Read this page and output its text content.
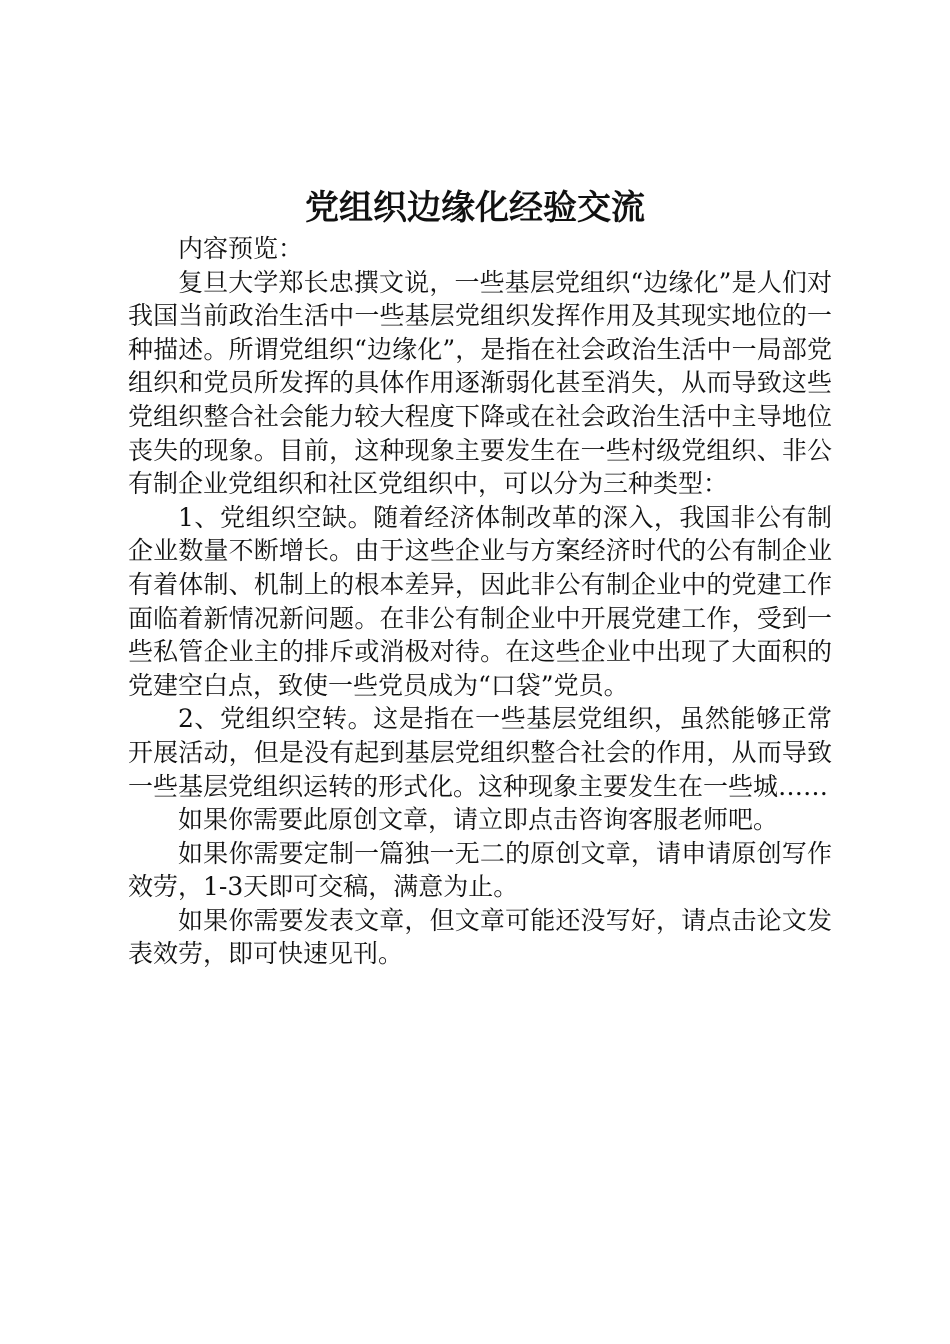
党组织边缘化经验交流

内容预览：

复旦大学郑长忠撰文说，一些基层党组织“边缘化”是人们对我国当前政治生活中一些基层党组织发挥作用及其现实地位的一种描述。所谓党组织“边缘化”，是指在社会政治生活中一局部党组织和党员所发挥的具体作用逐渐弱化甚至消失，从而导致这些党组织整合社会能力较大程度下降或在社会政治生活中主导地位丧失的现象。目前，这种现象主要发生在一些村级党组织、非公有制企业党组织和社区党组织中，可以分为三种类型：

1、党组织空缺。随着经济体制改革的深入，我国非公有制企业数量不断增长。由于这些企业与方案经济时代的公有制企业有着体制、机制上的根本差异，因此非公有制企业中的党建工作面临着新情况新问题。在非公有制企业中开展党建工作，受到一些私管企业主的排斥或消极对待。在这些企业中出现了大面积的党建空白点，致使一些党员成为“口袋”党员。

2、党组织空转。这是指在一些基层党组织，虽然能够正常开展活动，但是没有起到基层党组织整合社会的作用，从而导致一些基层党组织运转的形式化。这种现象主要发生在一些城……

如果你需要此原创文章，请立即点击咨询客服老师吧。

如果你需要定制一篇独一无二的原创文章，请申请原创写作效劳，1-3天即可交稿，满意为止。

如果你需要发表文章，但文章可能还没写好，请点击论文发表效劳，即可快速见刊。
